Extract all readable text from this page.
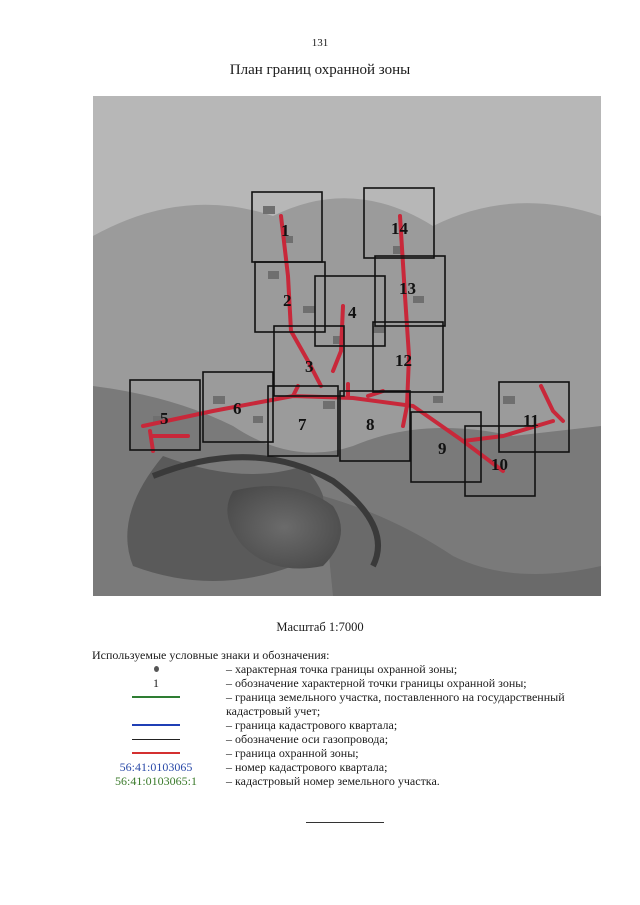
131
План границ охранной зоны
1
2
3
4
5
6
7	8
9
10
11
12
13
14
Масштаб 1:7000
Используемые условные знаки и обозначения:
– характерная точка границы охранной зоны;
1	– обозначение характерной точки границы охранной зоны;
– граница земельного участка, поставленного на государственный кадастровый учет;
– граница кадастрового квартала;
– обозначение оси газопровода;
– граница охранной зоны;
56:41:0103065	– номер кадастрового квартала;
56:41:0103065:1	– кадастровый номер земельного участка.
